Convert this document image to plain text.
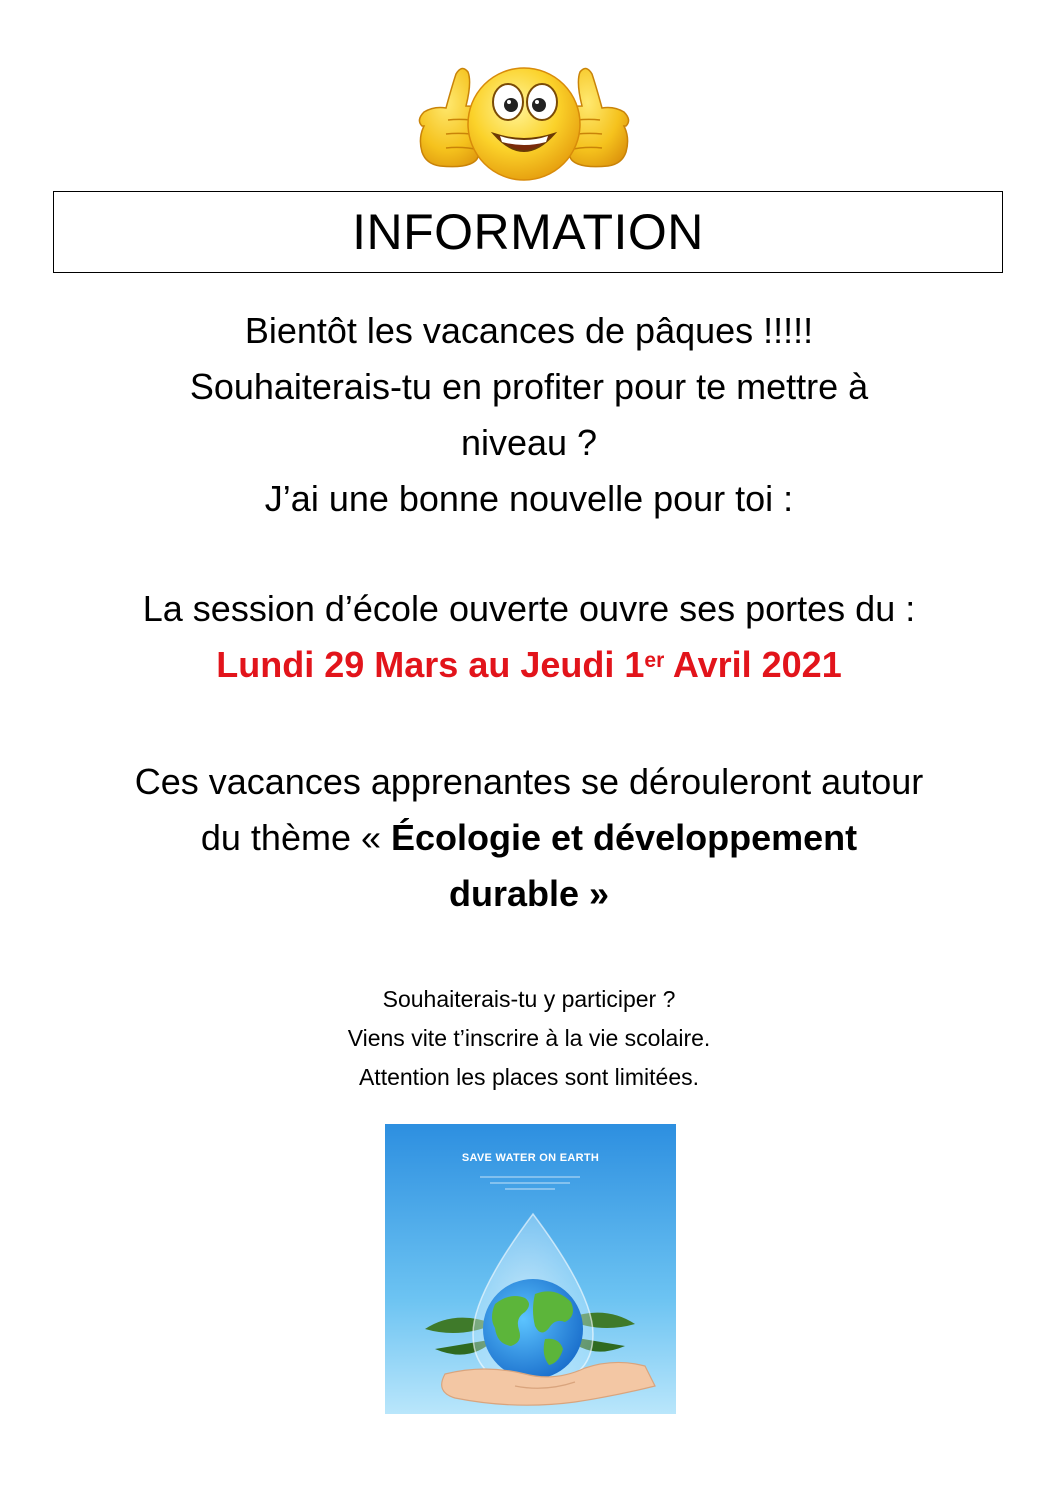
INFORMATION
Bientôt les vacances de pâques !!!!!
Souhaiterais-tu en profiter pour te mettre à
niveau ?
J’ai une bonne nouvelle pour toi :
La session d’école ouverte ouvre ses portes du :
Lundi 29 Mars au Jeudi 1er Avril 2021
Ces vacances apprenantes se dérouleront autour
du thème « Écologie et développement
durable »
Souhaiterais-tu y participer ?
Viens vite t’inscrire à la vie scolaire.
Attention les places sont limitées.
SAVE WATER ON EARTH
